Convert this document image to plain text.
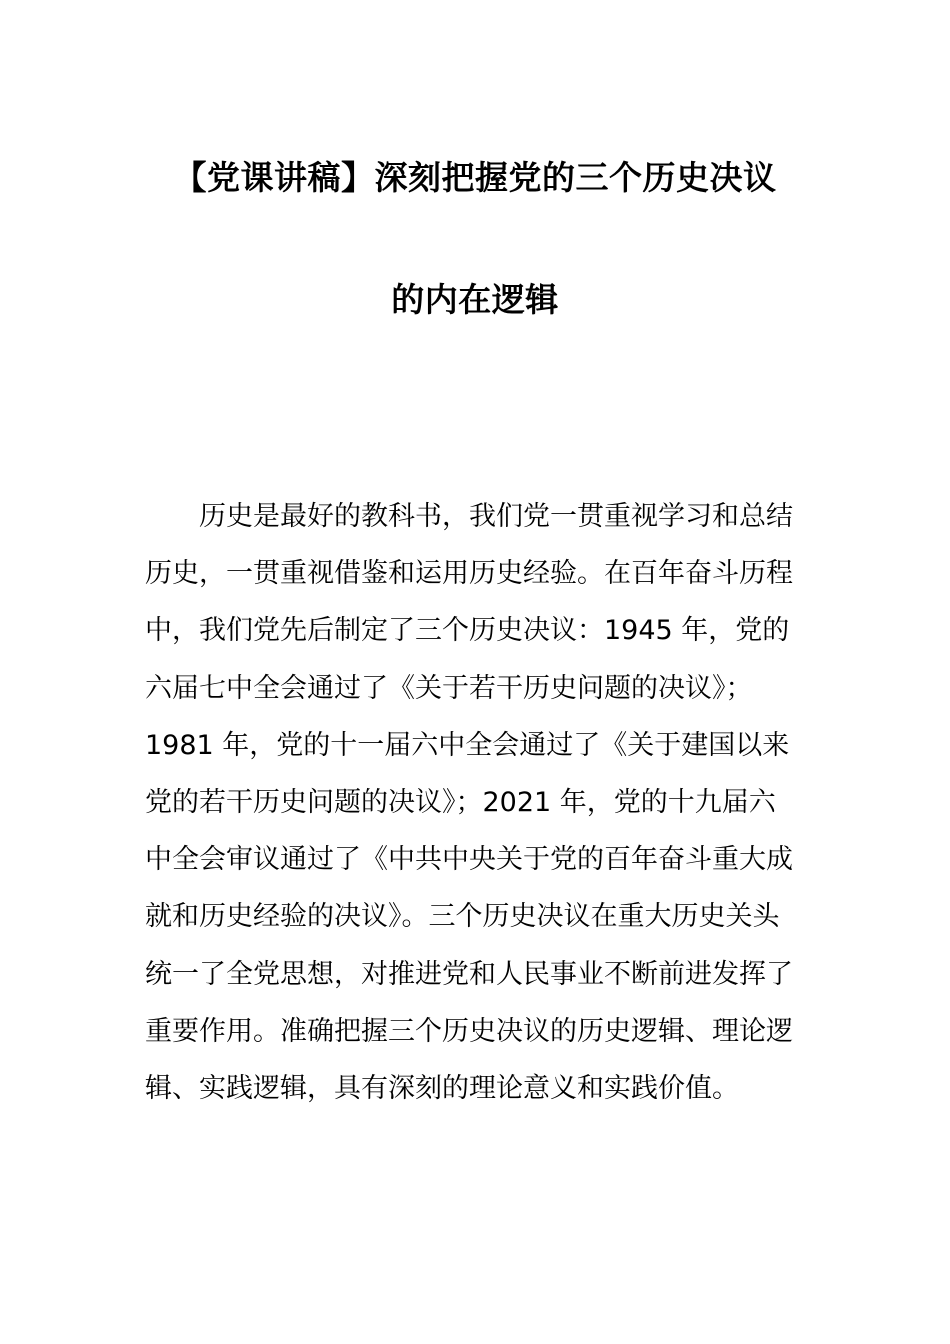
【党课讲稿】深刻把握党的三个历史决议
的内在逻辑
历史是最好的教科书，我们党一贯重视学习和总结
历史，一贯重视借鉴和运用历史经验。在百年奋斗历程
中，我们党先后制定了三个历史决议：1945 年，党的
六届七中全会通过了《关于若干历史问题的决议》；
1981 年，党的十一届六中全会通过了《关于建国以来
党的若干历史问题的决议》；2021 年，党的十九届六
中全会审议通过了《中共中央关于党的百年奋斗重大成
就和历史经验的决议》。三个历史决议在重大历史关头
统一了全党思想，对推进党和人民事业不断前进发挥了
重要作用。准确把握三个历史决议的历史逻辑、理论逻
辑、实践逻辑，具有深刻的理论意义和实践价值。
